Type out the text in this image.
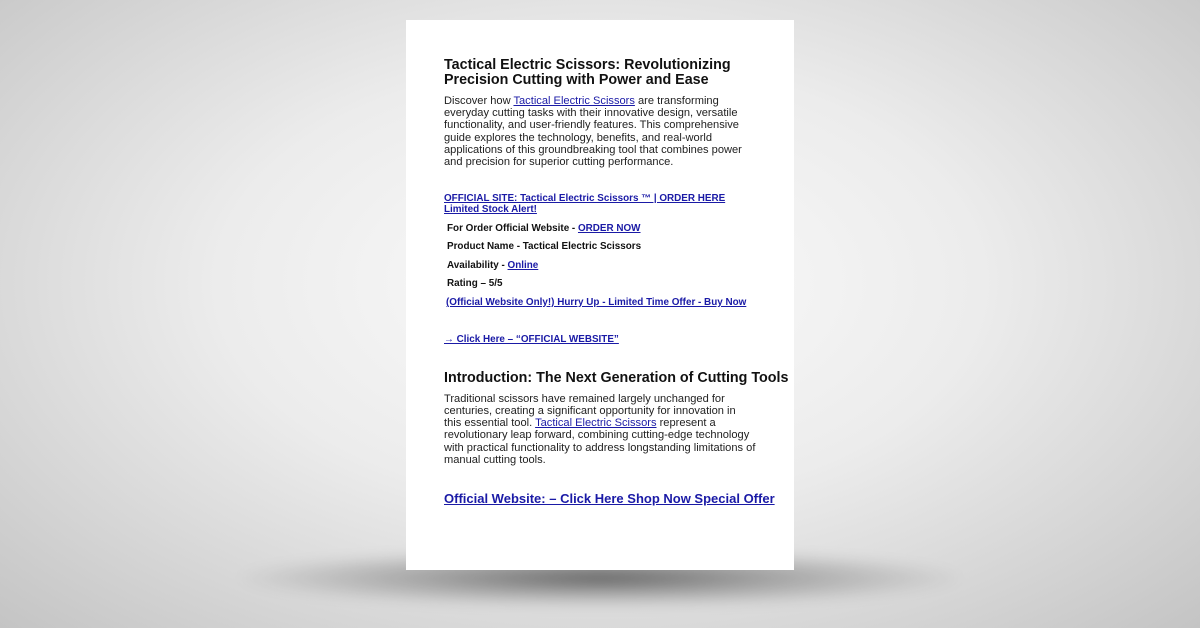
Tactical Electric Scissors: Revolutionizing Precision Cutting with Power and Ease

Discover how Tactical Electric Scissors are transforming everyday cutting tasks with their innovative design, versatile functionality, and user-friendly features. This comprehensive guide explores the technology, benefits, and real-world applications of this groundbreaking tool that combines power and precision for superior cutting performance.

OFFICIAL SITE: Tactical Electric Scissors ™ | ORDER HERE Limited Stock Alert!
For Order Official Website - ORDER NOW
Product Name - Tactical Electric Scissors
Availability - Online
Rating – 5/5
(Official Website Only!) Hurry Up - Limited Time Offer - Buy Now
→ Click Here – “OFFICIAL WEBSITE”
Introduction: The Next Generation of Cutting Tools

Traditional scissors have remained largely unchanged for centuries, creating a significant opportunity for innovation in this essential tool. Tactical Electric Scissors represent a revolutionary leap forward, combining cutting-edge technology with practical functionality to address longstanding limitations of manual cutting tools.

Official Website: – Click Here Shop Now Special Offer
